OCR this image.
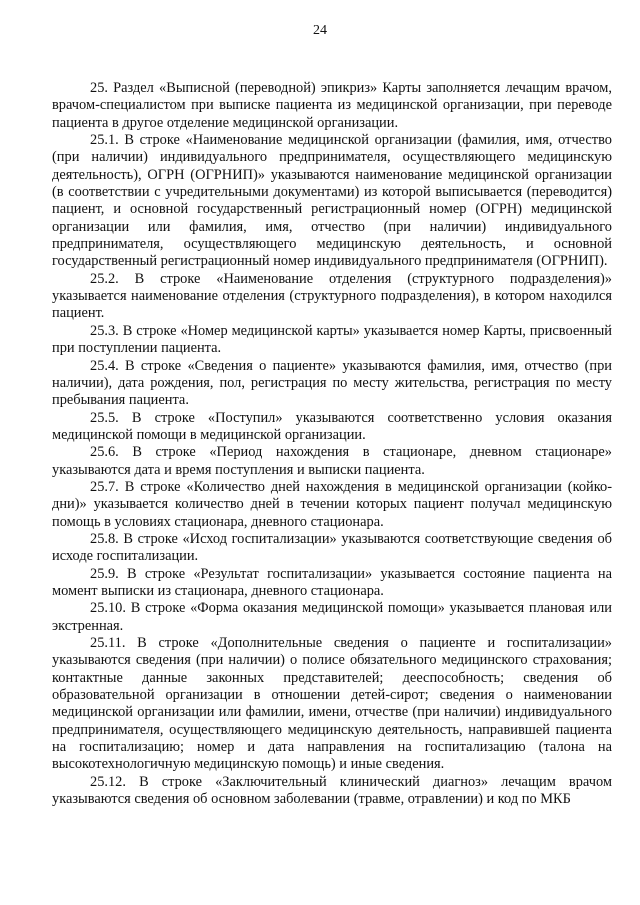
24

25. Раздел «Выписной (переводной) эпикриз» Карты заполняется лечащим врачом, врачом-специалистом при выписке пациента из медицинской организации, при переводе пациента в другое отделение медицинской организации.

25.1. В строке «Наименование медицинской организации (фамилия, имя, отчество (при наличии) индивидуального предпринимателя, осуществляющего медицинскую деятельность), ОГРН (ОГРНИП)» указываются наименование медицинской организации (в соответствии с учредительными документами) из которой выписывается (переводится) пациент, и основной государственный регистрационный номер (ОГРН) медицинской организации или фамилия, имя, отчество (при наличии) индивидуального предпринимателя, осуществляющего медицинскую деятельность, и основной государственный регистрационный номер индивидуального предпринимателя (ОГРНИП).

25.2. В строке «Наименование отделения (структурного подразделения)» указывается наименование отделения (структурного подразделения), в котором находился пациент.

25.3. В строке «Номер медицинской карты» указывается номер Карты, присвоенный при поступлении пациента.

25.4. В строке «Сведения о пациенте» указываются фамилия, имя, отчество (при наличии), дата рождения, пол, регистрация по месту жительства, регистрация по месту пребывания пациента.

25.5. В строке «Поступил» указываются соответственно условия оказания медицинской помощи в медицинской организации.

25.6. В строке «Период нахождения в стационаре, дневном стационаре» указываются дата и время поступления и выписки пациента.

25.7. В строке «Количество дней нахождения в медицинской организации (койко-дни)» указывается количество дней в течении которых пациент получал медицинскую помощь в условиях стационара, дневного стационара.

25.8. В строке «Исход госпитализации» указываются соответствующие сведения об исходе госпитализации.

25.9. В строке «Результат госпитализации» указывается состояние пациента на момент выписки из стационара, дневного стационара.

25.10. В строке «Форма оказания медицинской помощи» указывается плановая или экстренная.

25.11. В строке «Дополнительные сведения о пациенте и госпитализации» указываются сведения (при наличии) о полисе обязательного медицинского страхования; контактные данные законных представителей; дееспособность; сведения об образовательной организации в отношении детей-сирот; сведения о наименовании медицинской организации или фамилии, имени, отчестве (при наличии) индивидуального предпринимателя, осуществляющего медицинскую деятельность, направившей пациента на госпитализацию; номер и дата направления на госпитализацию (талона на высокотехнологичную медицинскую помощь) и иные сведения.

25.12. В строке «Заключительный клинический диагноз» лечащим врачом указываются сведения об основном заболевании (травме, отравлении) и код по МКБ
